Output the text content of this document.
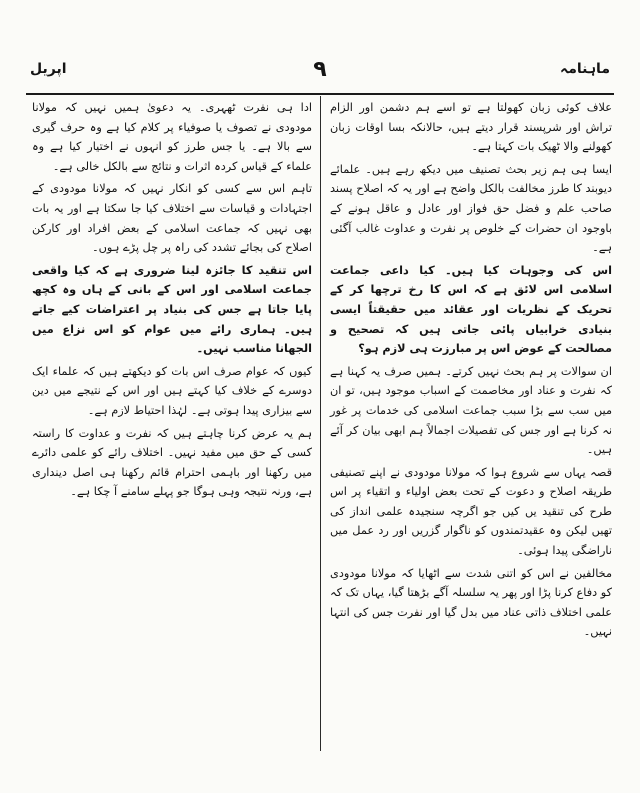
ماہنامہ
۹
اپریل

علاف کوئی زبان کھولتا ہے تو اسے ہم دشمن اور الزام تراش اور شرپسند قرار دیتے ہیں، حالانکہ بسا اوقات زبان کھولنے والا ٹھیک بات کہتا ہے۔

ایسا ہی ہم زیر بحث تصنیف میں دیکھ رہے ہیں۔ علمائے دیوبند کا طرز مخالفت بالکل واضح ہے اور یہ کہ اصلاح پسند صاحب علم و فضل حق فواز اور عادل و عاقل ہونے کے باوجود ان حضرات کے خلوص پر نفرت و عداوت غالب آگئی ہے۔

اس کی وجوہات کیا ہیں۔ کیا داعی جماعت اسلامی اس لائق ہے کہ اس کا رخ ترچھا کر کے تحریک کے نظریات اور عقائد میں حقیقتاً ایسی بنیادی خرابیاں پائی جاتی ہیں کہ تصحیح و مصالحت کے عوض اس پر مبارزت ہی لازم ہو؟

ان سوالات پر ہم بحث نہیں کرتے۔ ہمیں صرف یہ کہنا ہے کہ نفرت و عناد اور مخاصمت کے اسباب موجود ہیں، تو ان میں سب سے بڑا سبب جماعت اسلامی کی خدمات پر غور نہ کرنا ہے اور جس کی تفصیلات اجمالاً ہم ابھی بیان کر آئے ہیں۔

قصہ یہاں سے شروع ہوا کہ مولانا مودودی نے اپنے تصنیفی طریقہ اصلاح و دعوت کے تحت بعض اولیاء و اتقیاء پر اس طرح کی تنقید یں کیں جو اگرچہ سنجیدہ علمی انداز کی تھیں لیکن وہ عقیدتمندوں کو ناگوار گزریں اور رد عمل میں ناراضگی پیدا ہوئی۔

مخالفین نے اس کو اتنی شدت سے اٹھایا کہ مولانا مودودی کو دفاع کرنا پڑا اور پھر یہ سلسلہ آگے بڑھتا گیا، یہاں تک کہ علمی اختلاف ذاتی عناد میں بدل گیا اور نفرت جس کی انتہا نہیں۔

ادا ہی نفرت ٹھہری۔ یہ دعویٰ ہمیں نہیں کہ مولانا مودودی نے تصوف یا صوفیاء پر کلام کیا ہے وہ حرف گیری سے بالا ہے۔ یا جس طرز کو انہوں نے اختیار کیا ہے وہ علماء کے قیاس کردہ اثرات و نتائج سے بالکل خالی ہے۔

تاہم اس سے کسی کو انکار نہیں کہ مولانا مودودی کے اجتہادات و قیاسات سے اختلاف کیا جا سکتا ہے اور یہ بات بھی نہیں کہ جماعت اسلامی کے بعض افراد اور کارکن اصلاح کی بجائے تشدد کی راہ پر چل پڑے ہوں۔

اس تنقید کا جائزہ لینا ضروری ہے کہ کیا واقعی جماعت اسلامی اور اس کے بانی کے ہاں وہ کچھ پایا جاتا ہے جس کی بنیاد پر اعتراضات کیے جاتے ہیں۔ ہماری رائے میں عوام کو اس نزاع میں الجھانا مناسب نہیں۔

کیوں کہ عوام صرف اس بات کو دیکھتے ہیں کہ علماء ایک دوسرے کے خلاف کیا کہتے ہیں اور اس کے نتیجے میں دین سے بیزاری پیدا ہوتی ہے۔ لہٰذا احتیاط لازم ہے۔

ہم یہ عرض کرنا چاہتے ہیں کہ نفرت و عداوت کا راستہ کسی کے حق میں مفید نہیں۔ اختلاف رائے کو علمی دائرے میں رکھنا اور باہمی احترام قائم رکھنا ہی اصل دینداری ہے، ورنہ نتیجہ وہی ہوگا جو پہلے سامنے آ چکا ہے۔
